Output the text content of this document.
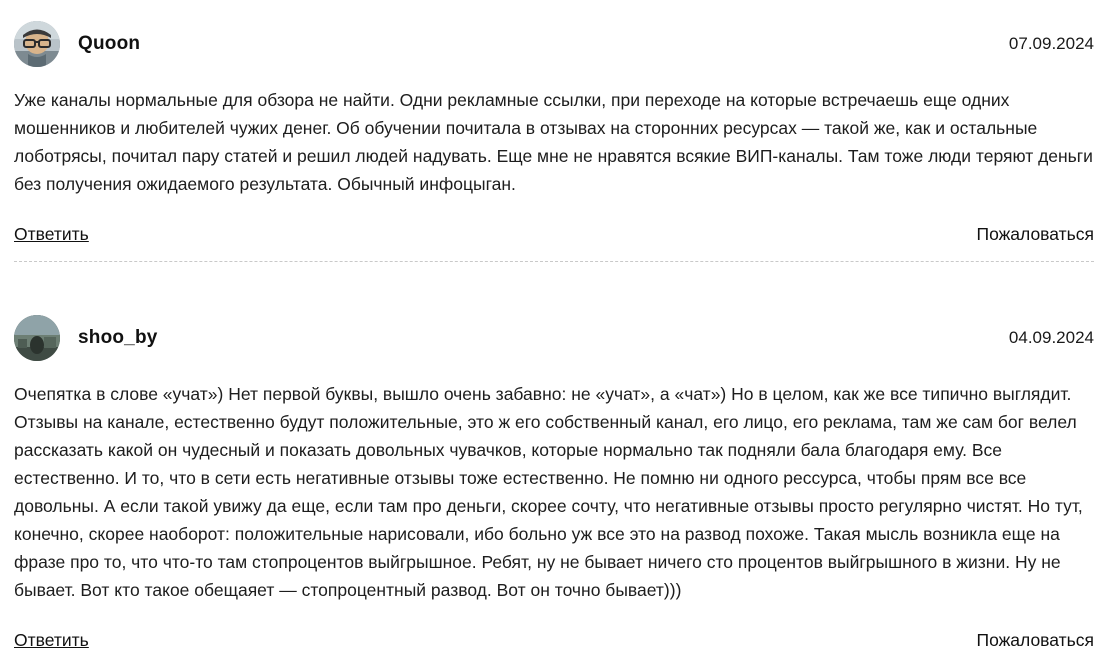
Quoon	07.09.2024
Уже каналы нормальные для обзора не найти. Одни рекламные ссылки, при переходе на которые встречаешь еще одних мошенников и любителей чужих денег. Об обучении почитала в отзывах на сторонних ресурсах — такой же, как и остальные лоботрясы, почитал пару статей и решил людей надувать. Еще мне не нравятся всякие ВИП-каналы. Там тоже люди теряют деньги без получения ожидаемого результата. Обычный инфоцыган.
Ответить	Пожаловаться
shoo_by	04.09.2024
Очепятка в слове «учат») Нет первой буквы, вышло очень забавно: не «учат», а «чат») Но в целом, как же все типично выглядит. Отзывы на канале, естественно будут положительные, это ж его собственный канал, его лицо, его реклама, там же сам бог велел рассказать какой он чудесный и показать довольных чувачков, которые нормально так подняли бала благодаря ему. Все естественно. И то, что в сети есть негативные отзывы тоже естественно. Не помню ни одного рессурса, чтобы прям все все довольны. А если такой увижу да еще, если там про деньги, скорее сочту, что негативные отзывы просто регулярно чистят. Но тут, конечно, скорее наоборот: положительные нарисовали, ибо больно уж все это на развод похоже. Такая мысль возникла еще на фразе про то, что что-то там стопроцентов выйгрышное. Ребят, ну не бывает ничего сто процентов выйгрышного в жизни. Ну не бывает. Вот кто такое обещаяет — стопроцентный развод. Вот он точно бывает)))
Ответить	Пожаловаться
